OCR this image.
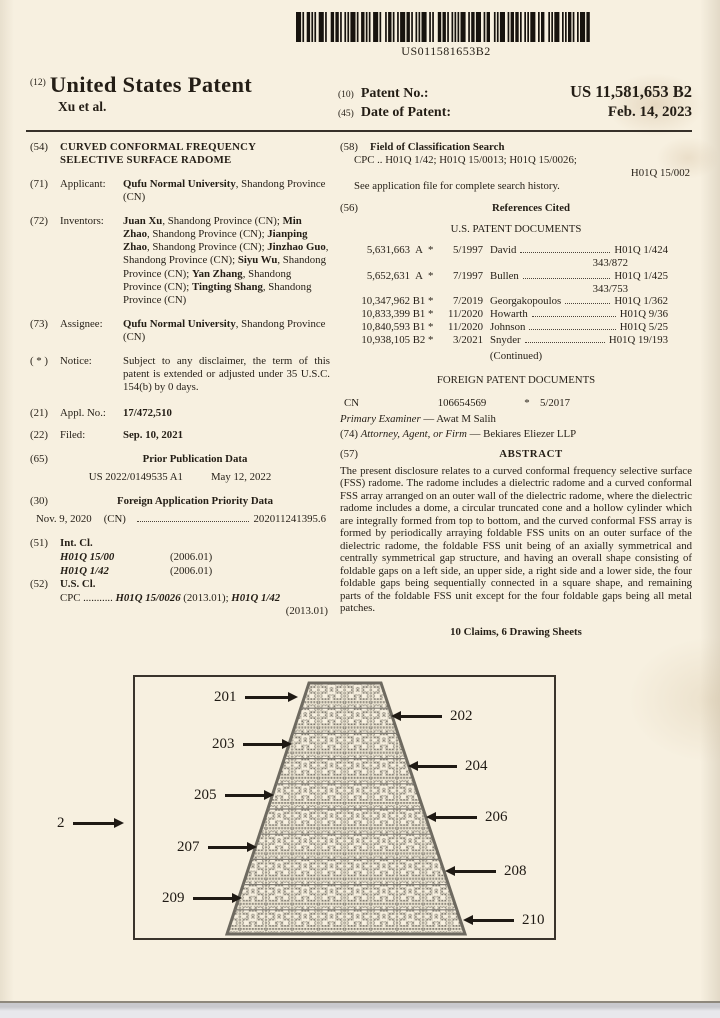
US011581653B2
$^{(12)}$ United States Patent
Xu et al.
(10) Patent No.:	US 11,581,653 B2
(45) Date of Patent:	Feb. 14, 2023
(54)	CURVED CONFORMAL FREQUENCY SELECTIVE SURFACE RADOME
(71)	Applicant:	Qufu Normal University, Shandong Province (CN)
(72)	Inventors:	Juan Xu, Shandong Province (CN); Min Zhao, Shandong Province (CN); Jianping Zhao, Shandong Province (CN); Jinzhao Guo, Shandong Province (CN); Siyu Wu, Shandong Province (CN); Yan Zhang, Shandong Province (CN); Tingting Shang, Shandong Province (CN)
(73)	Assignee:	Qufu Normal University, Shandong Province (CN)
( * )	Notice:	Subject to any disclaimer, the term of this patent is extended or adjusted under 35 U.S.C. 154(b) by 0 days.
(21)	Appl. No.:	17/472,510
(22)	Filed:	Sep. 10, 2021
(65)	Prior Publication Data
US 2022/0149535 A1	May 12, 2022
(30)	Foreign Application Priority Data
Nov. 9, 2020 (CN)	202011241395.6
(51)	Int. Cl.
H01Q 15/00	(2006.01)
H01Q 1/42	(2006.01)
(52)	U.S. Cl.
CPC ........... H01Q 15/0026 (2013.01); H01Q 1/42
(2013.01)
(58)	Field of Classification Search
CPC .. H01Q 1/42; H01Q 15/0013; H01Q 15/0026;
H01Q 15/002
See application file for complete search history.
(56)	References Cited
U.S. PATENT DOCUMENTS
5,631,663 A *	5/1997 David	H01Q 1/424
343/872
5,652,631 A *	7/1997 Bullen	H01Q 1/425
343/753
10,347,962 B1 *	7/2019 Georgakopoulos	H01Q 1/362
10,833,399 B1 *	11/2020 Howarth	H01Q 9/36
10,840,593 B1 *	11/2020 Johnson	H01Q 5/25
10,938,105 B2 *	3/2021 Snyder	H01Q 19/193
(Continued)
FOREIGN PATENT DOCUMENTS
CN	106654569	* 5/2017
Primary Examiner — Awat M Salih
(74) Attorney, Agent, or Firm — Bekiares Eliezer LLP
(57)	ABSTRACT
The present disclosure relates to a curved conformal frequency selective surface (FSS) radome. The radome includes a dielectric radome and a curved conformal FSS array arranged on an outer wall of the dielectric radome, where the dielectric radome includes a dome, a circular truncated cone and a hollow cylinder which are integrally formed from top to bottom, and the curved conformal FSS array is formed by periodically arraying foldable FSS units on an outer surface of the dielectric radome, the foldable FSS unit being of an axially symmetrical and centrally symmetrical gap structure, and having an overall shape consisting of foldable gaps on a left side, an upper side, a right side and a lower side, the four foldable gaps being sequentially connected in a square shape, and remaining parts of the foldable FSS unit except for the four foldable gaps being all metal patches.
10 Claims, 6 Drawing Sheets
2
201
202
203
204
205
206
207
208
209
210
